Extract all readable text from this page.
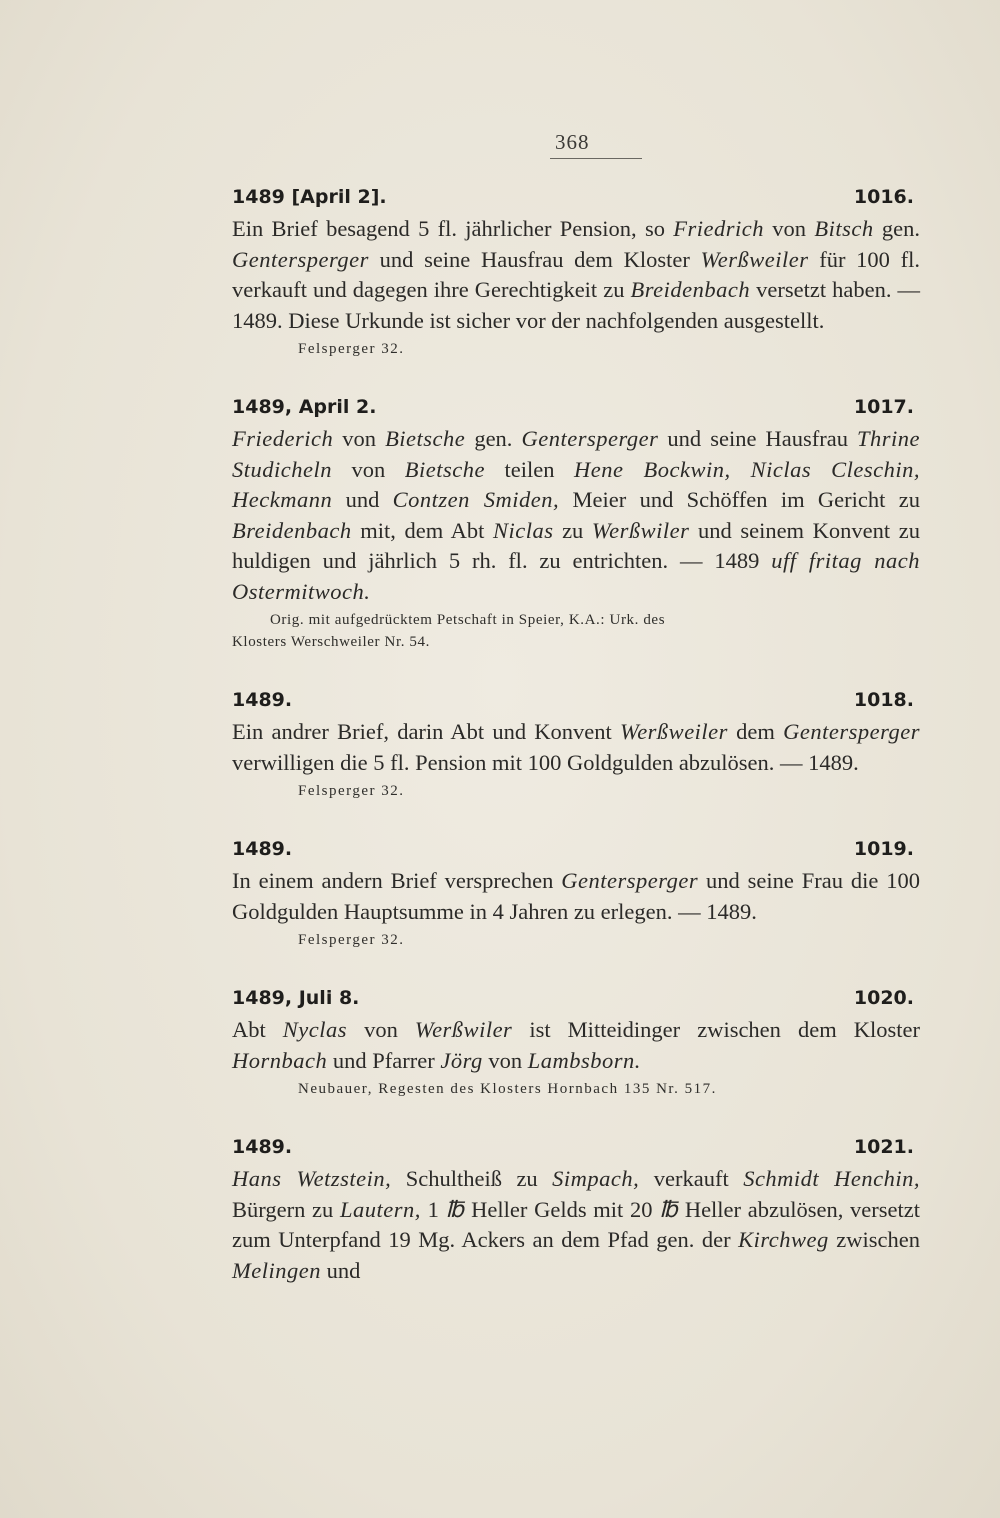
368
1489 [April 2].	1016.
Ein Brief besagend 5 fl. jährlicher Pension, so Friedrich von Bitsch gen. Gentersperger und seine Hausfrau dem Kloster Werßweiler für 100 fl. verkauft und dagegen ihre Gerechtigkeit zu Breidenbach versetzt haben. — 1489. Diese Urkunde ist sicher vor der nachfolgenden ausgestellt.
Felsperger 32.
1489, April 2.	1017.
Friederich von Bietsche gen. Gentersperger und seine Hausfrau Thrine Studicheln von Bietsche teilen Hene Bockwin, Niclas Cleschin, Heckmann und Contzen Smiden, Meier und Schöffen im Gericht zu Breidenbach mit, dem Abt Niclas zu Werßwiler und seinem Konvent zu huldigen und jährlich 5 rh. fl. zu entrichten. — 1489 uff fritag nach Ostermitwoch.
Orig. mit aufgedrücktem Petschaft in Speier, K.A.: Urk. des
Klosters Werschweiler Nr. 54.
1489.	1018.
Ein andrer Brief, darin Abt und Konvent Werßweiler dem Gentersperger verwilligen die 5 fl. Pension mit 100 Goldgulden abzulösen. — 1489.
Felsperger 32.
1489.	1019.
In einem andern Brief versprechen Gentersperger und seine Frau die 100 Goldgulden Hauptsumme in 4 Jahren zu erlegen. — 1489.
Felsperger 32.
1489, Juli 8.	1020.
Abt Nyclas von Werßwiler ist Mitteidinger zwischen dem Kloster Hornbach und Pfarrer Jörg von Lambsborn.
Neubauer, Regesten des Klosters Hornbach 135 Nr. 517.
1489.	1021.
Hans Wetzstein, Schultheiß zu Simpach, verkauft Schmidt Henchin, Bürgern zu Lautern, 1 ℔ Heller Gelds mit 20 ℔ Heller abzulösen, versetzt zum Unterpfand 19 Mg. Ackers an dem Pfad gen. der Kirchweg zwischen Melingen und
